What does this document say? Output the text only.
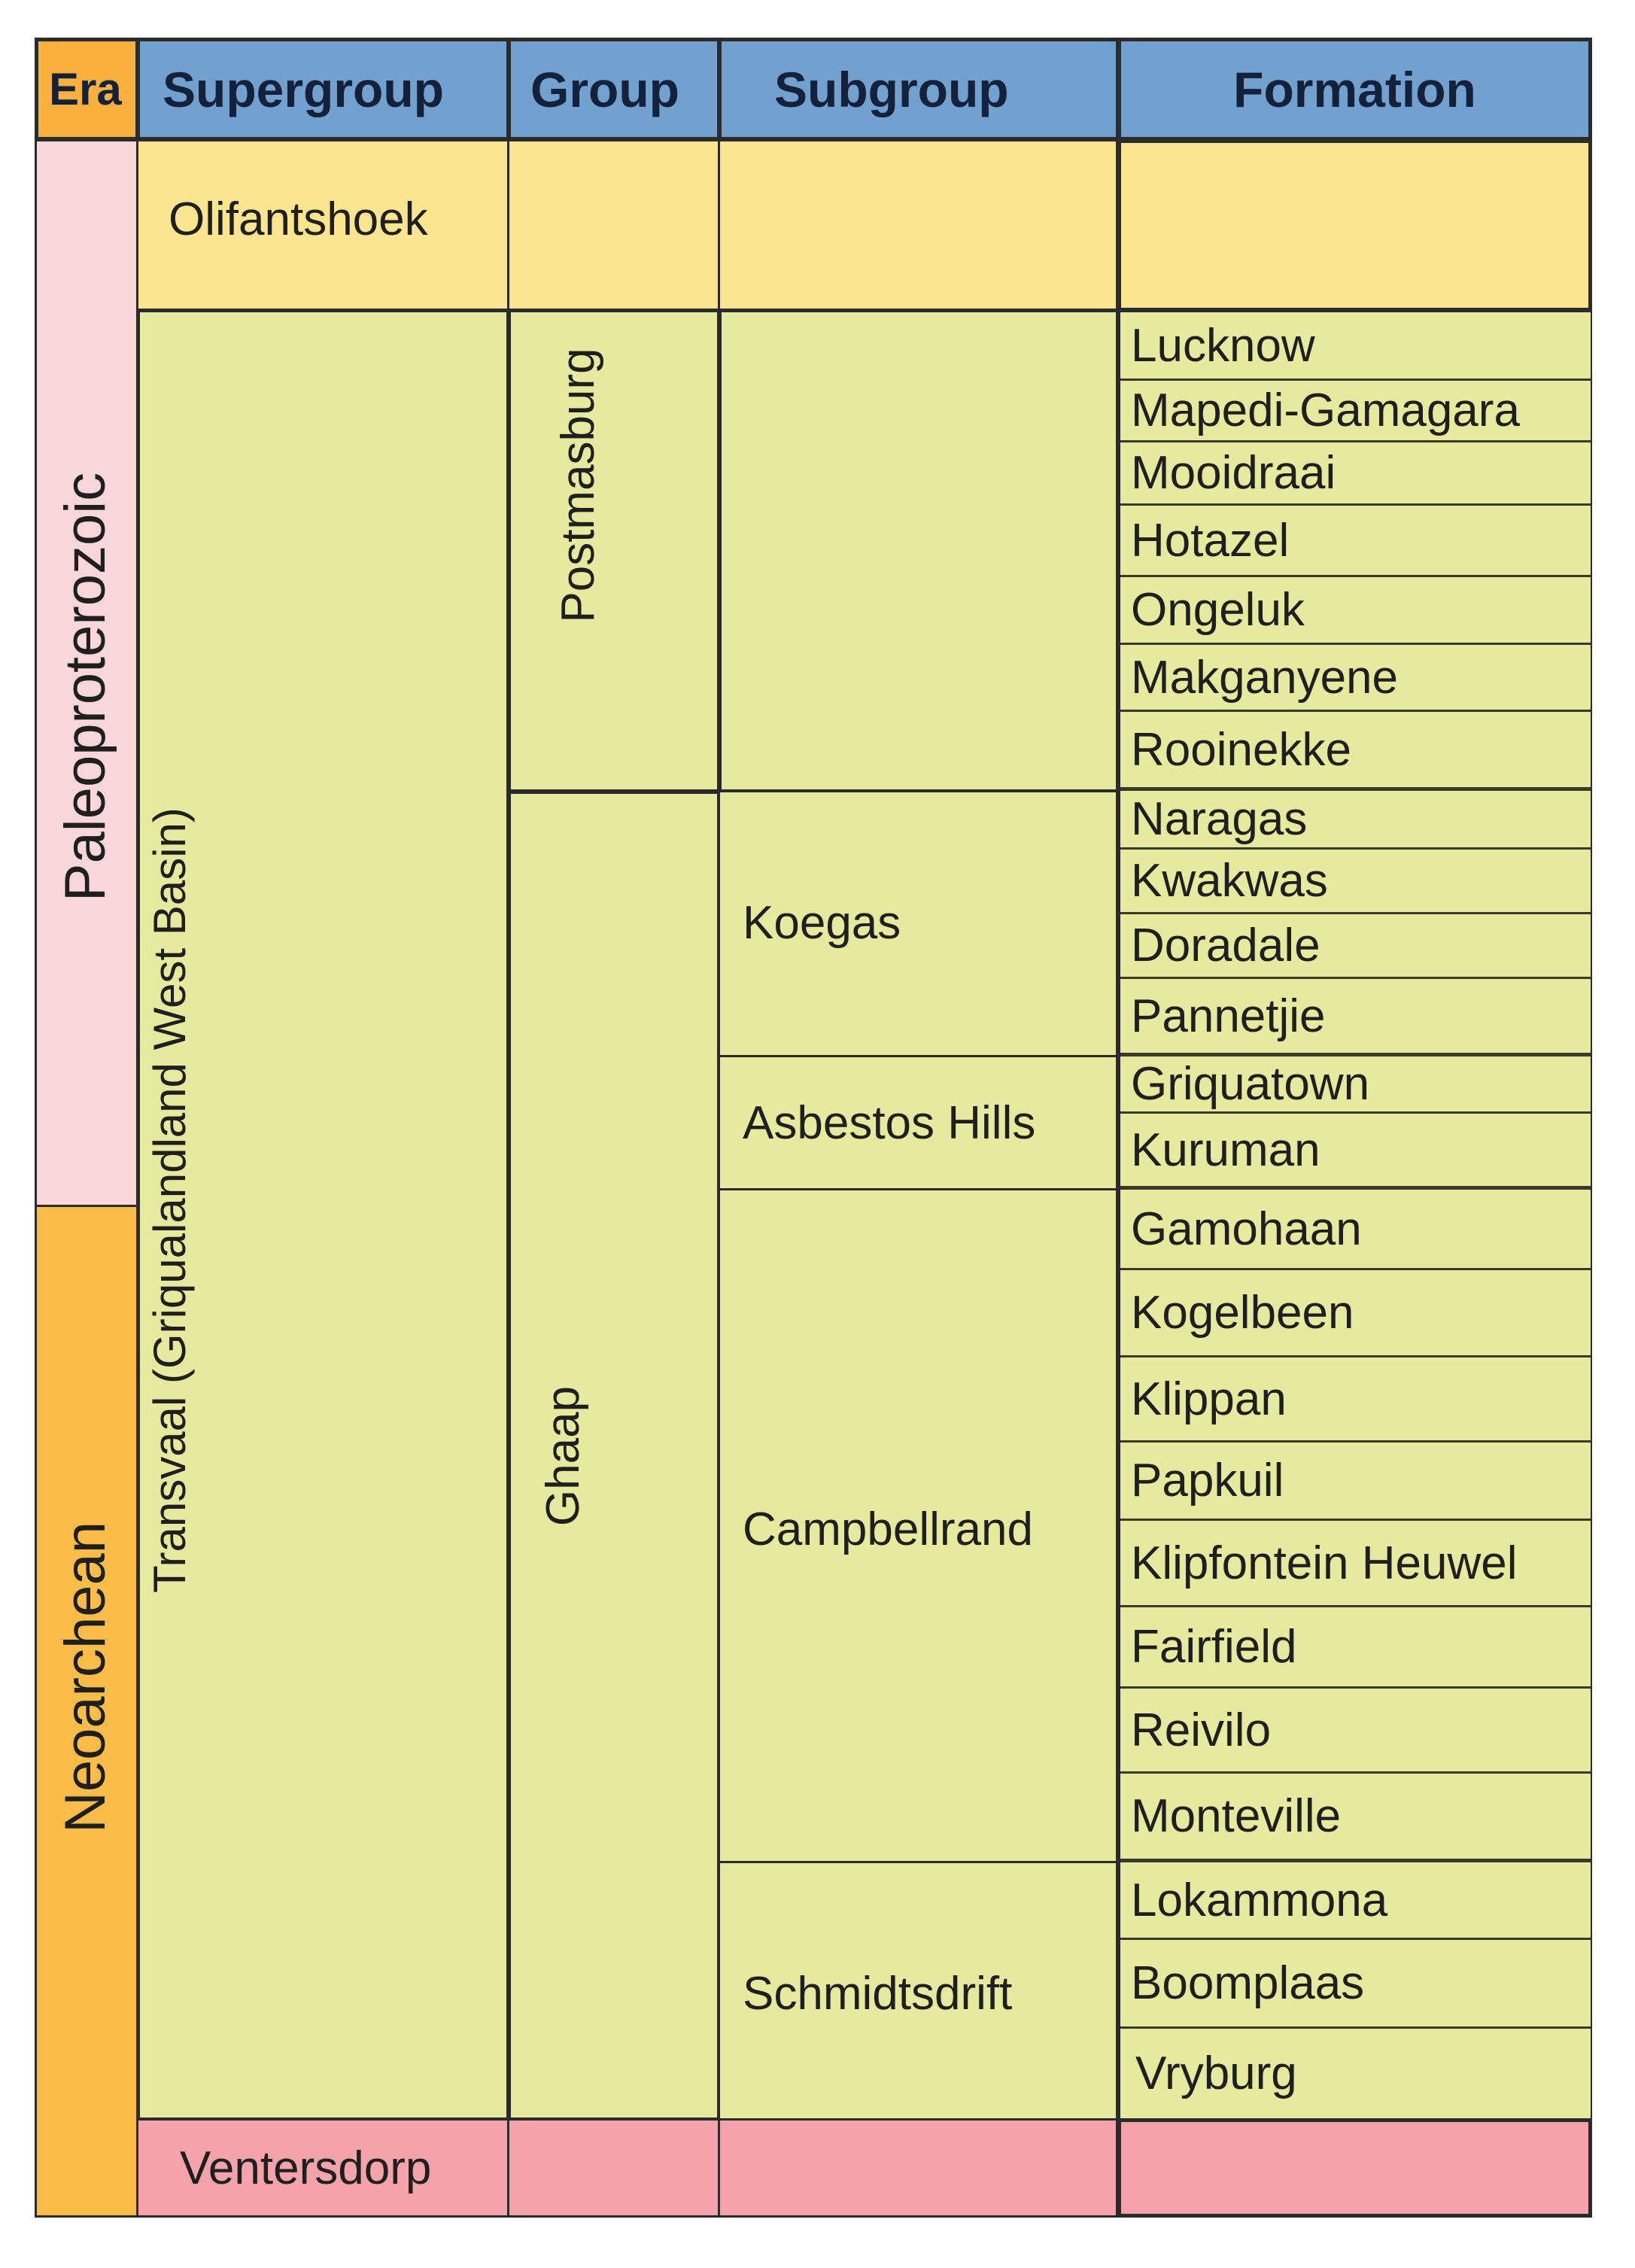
Era Supergroup Group Subgroup	Formation
Paleoproterozoic
Neoarchean
Olifantshoek
Transvaal (Griqualandland West Basin)
Ventersdorp
Postmasburg
Ghaap
Koegas
Asbestos Hills
Campbellrand
Schmidtsdrift
Lucknow
Mapedi-Gamagara
Mooidraai
Hotazel
Ongeluk
Makganyene
Rooinekke
Naragas
Kwakwas
Doradale
Pannetjie
Griquatown
Kuruman
Gamohaan
Kogelbeen
Klippan
Papkuil
Klipfontein Heuwel
Fairfield
Reivilo
Monteville
Lokammona
Boomplaas
Vryburg
